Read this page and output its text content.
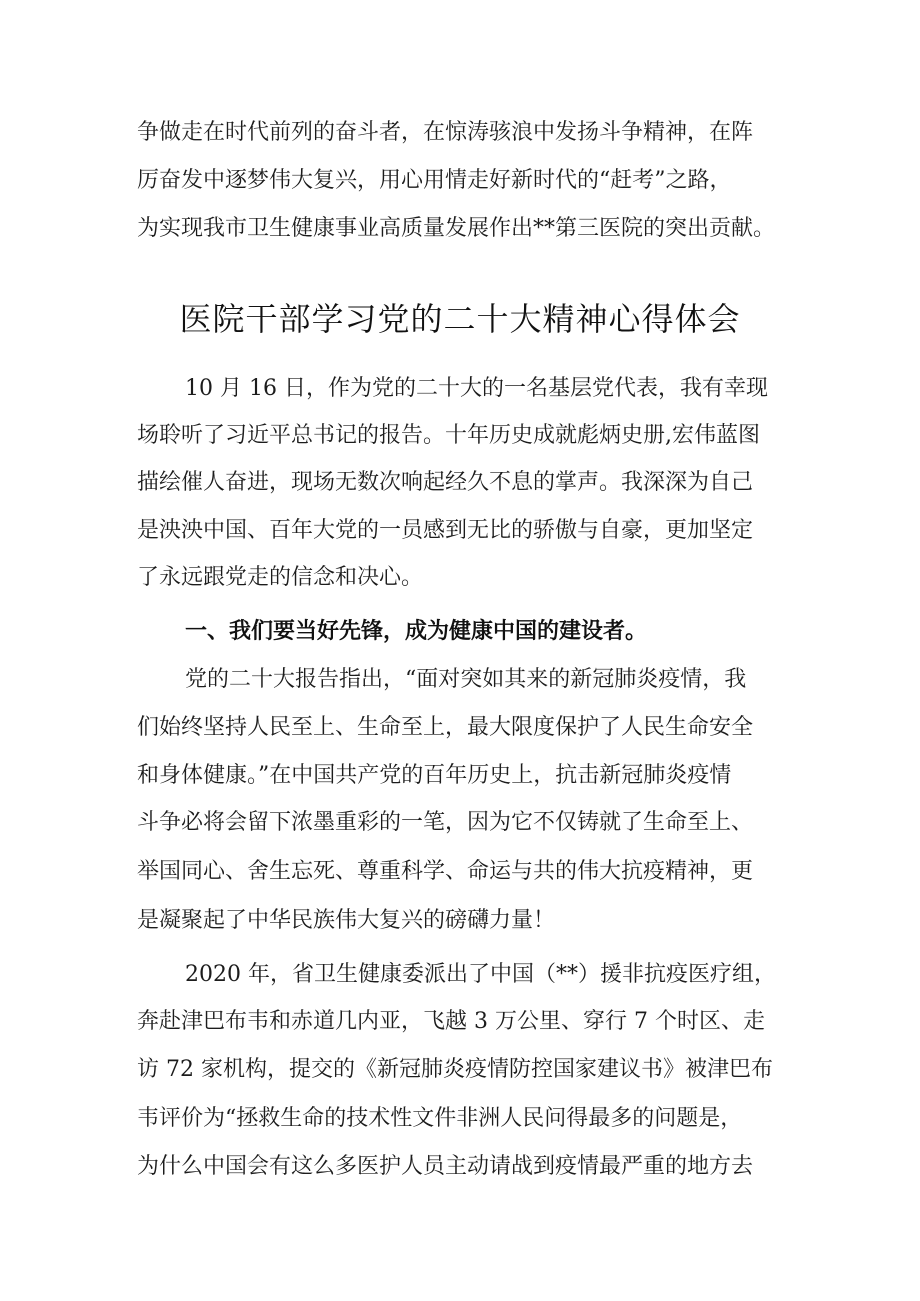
争做走在时代前列的奋斗者，在惊涛骇浪中发扬斗争精神，在阵
厉奋发中逐梦伟大复兴，用心用情走好新时代的“赶考”之路，
为实现我市卫生健康事业高质量发展作出**第三医院的突出贡献。
医院干部学习党的二十大精神心得体会
10 月 16 日，作为党的二十大的一名基层党代表，我有幸现
场聆听了习近平总书记的报告。十年历史成就彪炳史册,宏伟蓝图
描绘催人奋进，现场无数次响起经久不息的掌声。我深深为自己
是泱泱中国、百年大党的一员感到无比的骄傲与自豪，更加坚定
了永远跟党走的信念和决心。
一、我们要当好先锋，成为健康中国的建设者。
党的二十大报告指出，“面对突如其来的新冠肺炎疫情，我
们始终坚持人民至上、生命至上，最大限度保护了人民生命安全
和身体健康。”在中国共产党的百年历史上，抗击新冠肺炎疫情
斗争必将会留下浓墨重彩的一笔，因为它不仅铸就了生命至上、
举国同心、舍生忘死、尊重科学、命运与共的伟大抗疫精神，更
是凝聚起了中华民族伟大复兴的磅礴力量！
2020 年，省卫生健康委派出了中国（**）援非抗疫医疗组，
奔赴津巴布韦和赤道几内亚，飞越 3 万公里、穿行 7 个时区、走
访 72 家机构，提交的《新冠肺炎疫情防控国家建议书》被津巴布
韦评价为“拯救生命的技术性文件非洲人民问得最多的问题是，
为什么中国会有这么多医护人员主动请战到疫情最严重的地方去
